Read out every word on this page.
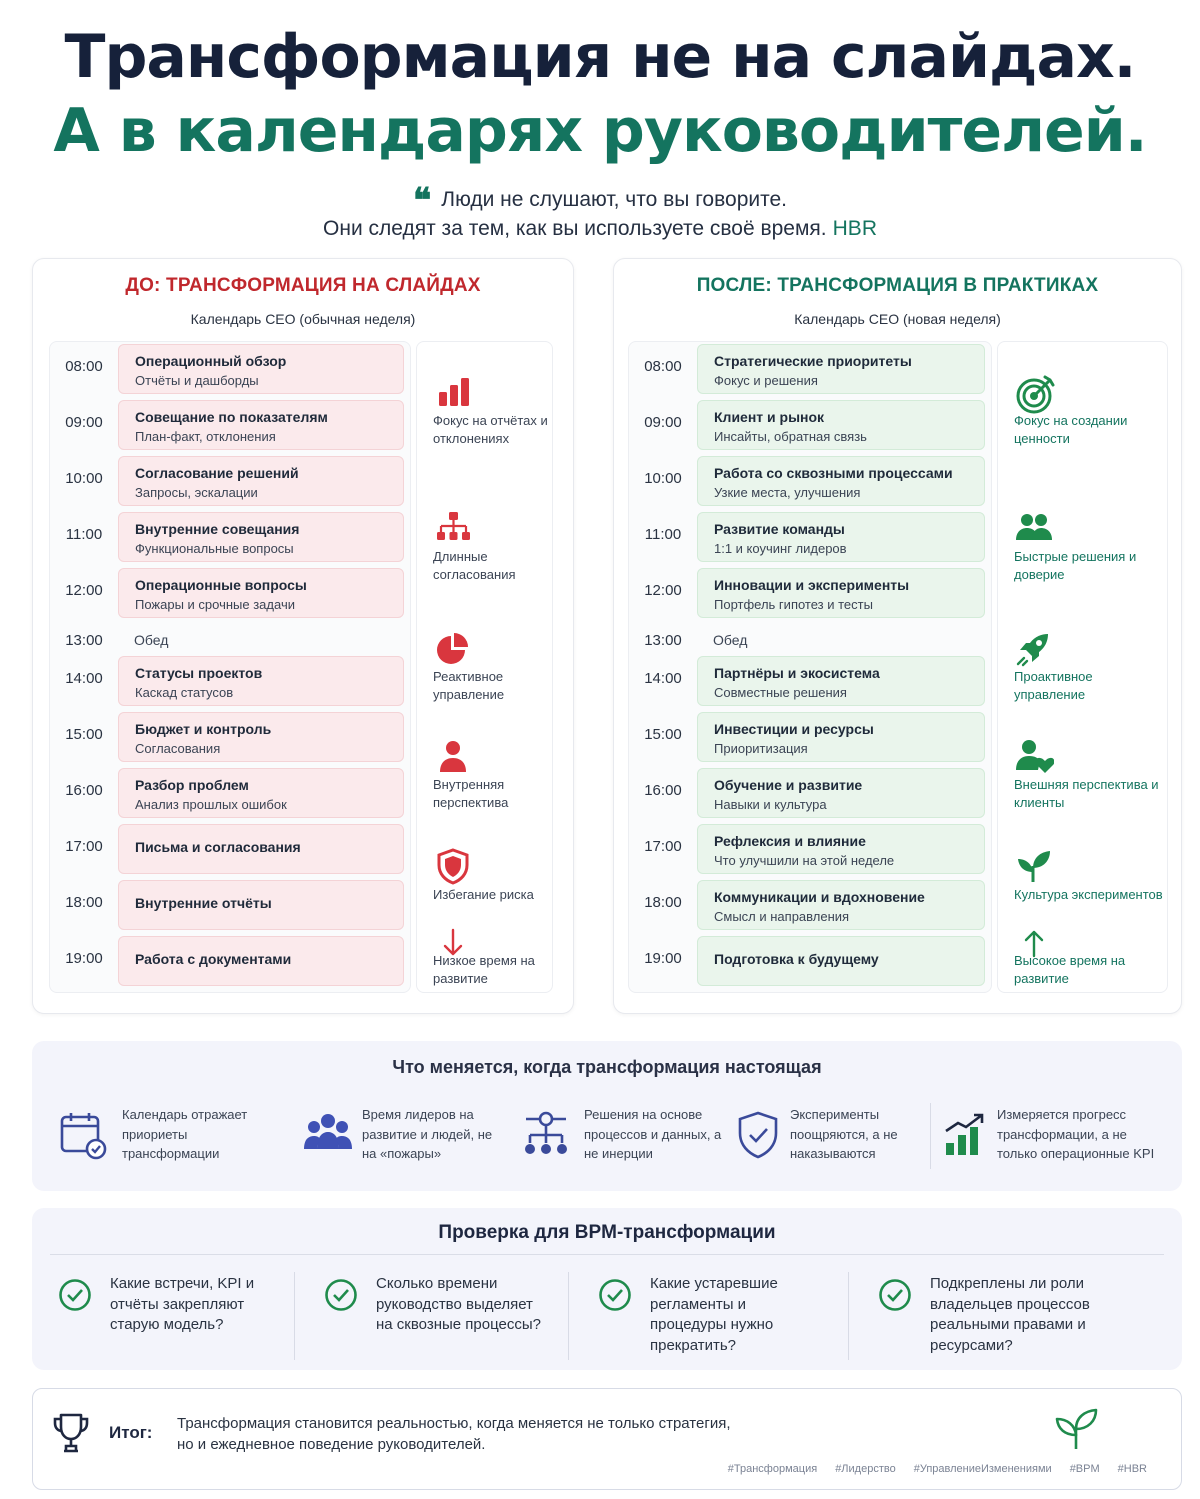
Трансформация не на слайдах.
А в календарях руководителей.
❝ Люди не слушают, что вы говорите.
Они следят за тем, как вы используете своё время. HBR
ДО: ТРАНСФОРМАЦИЯ НА СЛАЙДАХ
Календарь CEO (обычная неделя)
08:00	Операционный обзор
Отчёты и дашборды
09:00	Совещание по показателям
План-факт, отклонения
10:00	Согласование решений
Запросы, эскалации
11:00	Внутренние совещания
Функциональные вопросы
12:00	Операционные вопросы
Пожары и срочные задачи
13:00	Обед
14:00	Статусы проектов
Каскад статусов
15:00	Бюджет и контроль
Согласования
16:00	Разбор проблем
Анализ прошлых ошибок
17:00	Письма и согласования
18:00	Внутренние отчёты
19:00	Работа с документами
Фокус на отчётах и отклонениях
Длинные согласования
Реактивное управление
Внутренняя перспектива
Избегание риска
Низкое время на развитие
ПОСЛЕ: ТРАНСФОРМАЦИЯ В ПРАКТИКАХ
Календарь CEO (новая неделя)
08:00	Стратегические приоритеты
Фокус и решения
09:00	Клиент и рынок
Инсайты, обратная связь
10:00	Работа со сквозными процессами
Узкие места, улучшения
11:00	Развитие команды
1:1 и коучинг лидеров
12:00	Инновации и эксперименты
Портфель гипотез и тесты
13:00	Обед
14:00	Партнёры и экосистема
Совместные решения
15:00	Инвестиции и ресурсы
Приоритизация
16:00	Обучение и развитие
Навыки и культура
17:00	Рефлексия и влияние
Что улучшили на этой неделе
18:00	Коммуникации и вдохновение
Смысл и направления
19:00	Подготовка к будущему
Фокус на создании ценности
Быстрые решения и доверие
Проактивное управление
Внешняя перспектива и клиенты
Культура экспериментов
Высокое время на развитие
Что меняется, когда трансформация настоящая
Календарь отражает приориеты трансформации
Время лидеров на развитие и людей, не на «пожары»
Решения на основе процессов и данных, а не инерции
Эксперименты поощряются, а не наказываются
Измеряется прогресс трансформации, а не только операционные KPI
Проверка для BPM-трансформации
Какие встречи, KPI и отчёты закрепляют старую модель?
Сколько времени руководство выделяет на сквозные процессы?
Какие устаревшие регламенты и процедуры нужно прекратить?
Подкреплены ли роли владельцев процессов реальными правами и ресурсами?
Итог: Трансформация становится реальностью, когда меняется не только стратегия,
но и ежедневное поведение руководителей.
#Трансформация #Лидерство #УправлениеИзменениями #BPM #HBR
